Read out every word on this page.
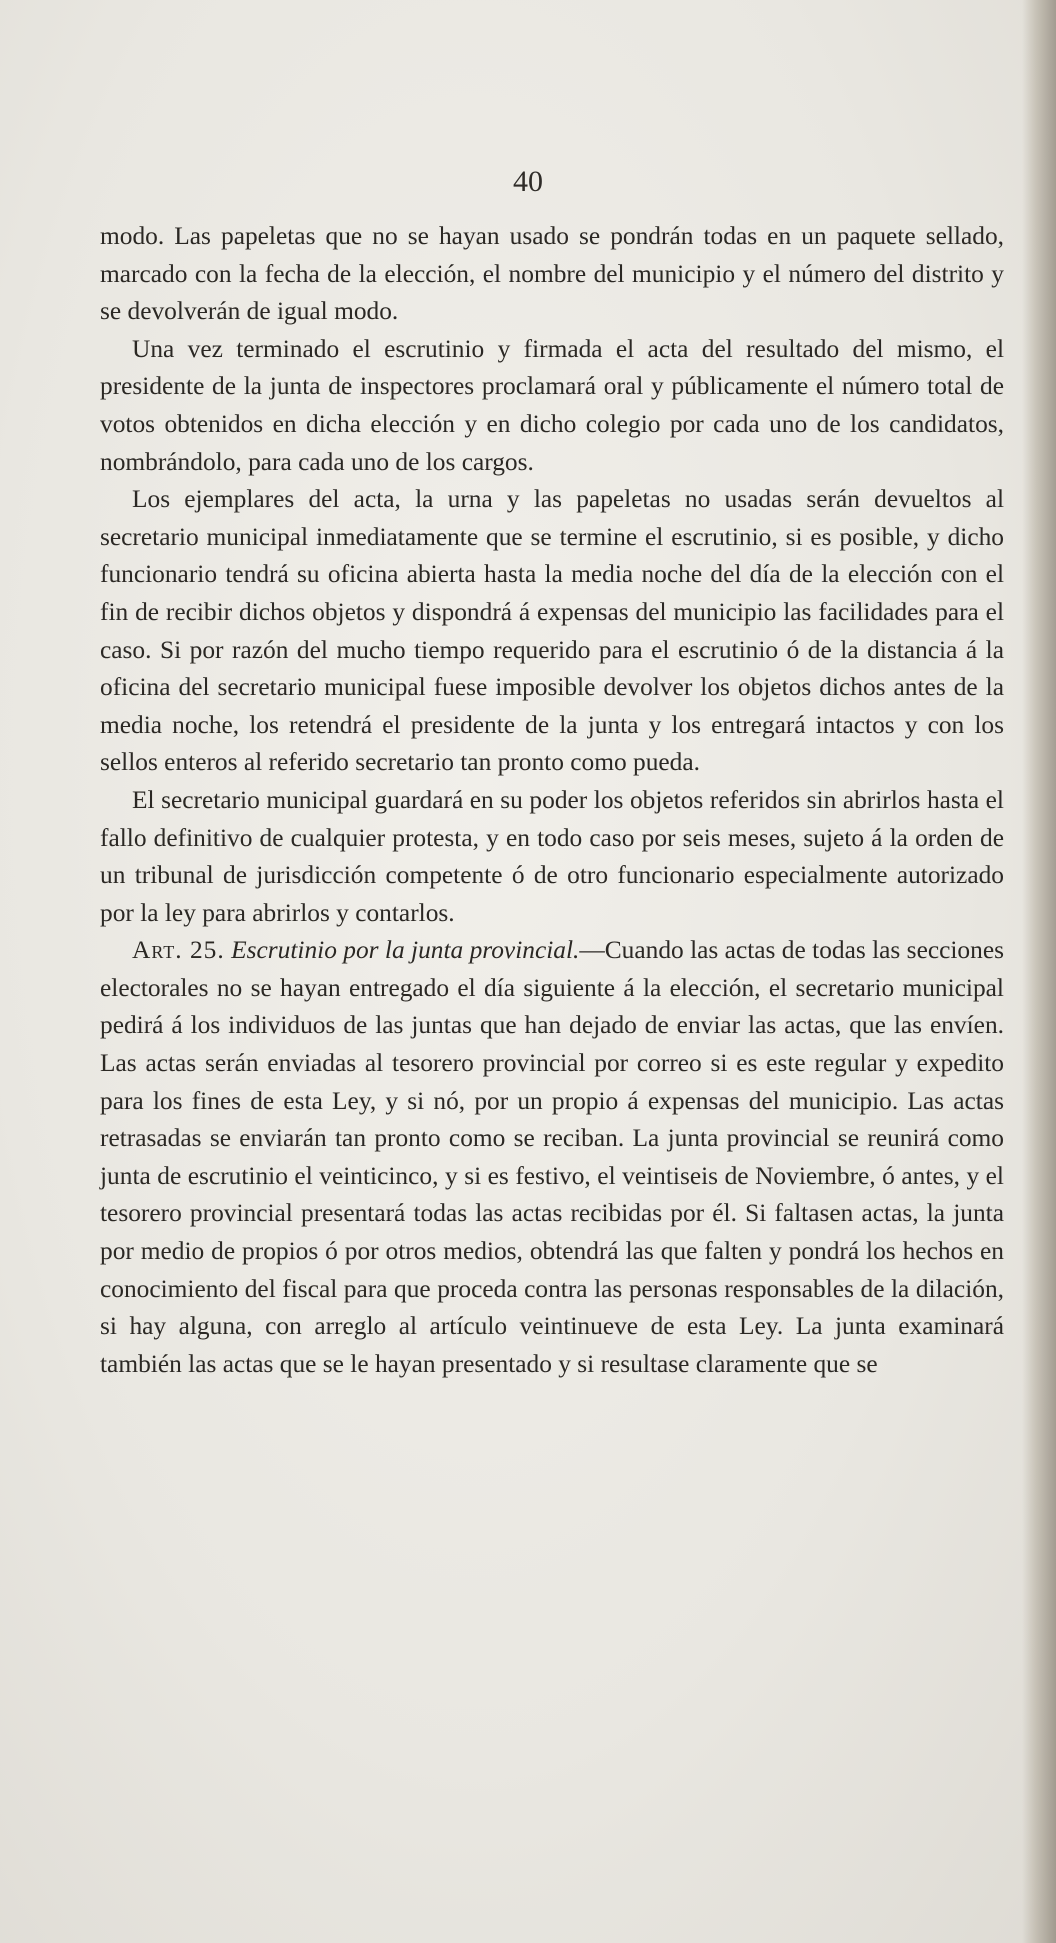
40

modo. Las papeletas que no se hayan usado se pondrán todas en un paquete sellado, marcado con la fecha de la elección, el nombre del municipio y el número del distrito y se devolverán de igual modo.

Una vez terminado el escrutinio y firmada el acta del resultado del mismo, el presidente de la junta de inspectores proclamará oral y públicamente el número total de votos obtenidos en dicha elección y en dicho colegio por cada uno de los candidatos, nombrándolo, para cada uno de los cargos.

Los ejemplares del acta, la urna y las papeletas no usadas serán devueltos al secretario municipal inmediatamente que se termine el escrutinio, si es posible, y dicho funcionario tendrá su oficina abierta hasta la media noche del día de la elección con el fin de recibir dichos objetos y dispondrá á expensas del municipio las facilidades para el caso. Si por razón del mucho tiempo requerido para el escrutinio ó de la distancia á la oficina del secretario municipal fuese imposible devolver los objetos dichos antes de la media noche, los retendrá el presidente de la junta y los entregará intactos y con los sellos enteros al referido secretario tan pronto como pueda.

El secretario municipal guardará en su poder los objetos referidos sin abrirlos hasta el fallo definitivo de cualquier protesta, y en todo caso por seis meses, sujeto á la orden de un tribunal de jurisdicción competente ó de otro funcionario especialmente autorizado por la ley para abrirlos y contarlos.

Art. 25. Escrutinio por la junta provincial.—Cuando las actas de todas las secciones electorales no se hayan entregado el día siguiente á la elección, el secretario municipal pedirá á los individuos de las juntas que han dejado de enviar las actas, que las envíen. Las actas serán enviadas al tesorero provincial por correo si es este regular y expedito para los fines de esta Ley, y si nó, por un propio á expensas del municipio. Las actas retrasadas se enviarán tan pronto como se reciban. La junta provincial se reunirá como junta de escrutinio el veinticinco, y si es festivo, el veintiseis de Noviembre, ó antes, y el tesorero provincial presentará todas las actas recibidas por él. Si faltasen actas, la junta por medio de propios ó por otros medios, obtendrá las que falten y pondrá los hechos en conocimiento del fiscal para que proceda contra las personas responsables de la dilación, si hay alguna, con arreglo al artículo veintinueve de esta Ley. La junta examinará también las actas que se le hayan presentado y si resultase claramente que se
